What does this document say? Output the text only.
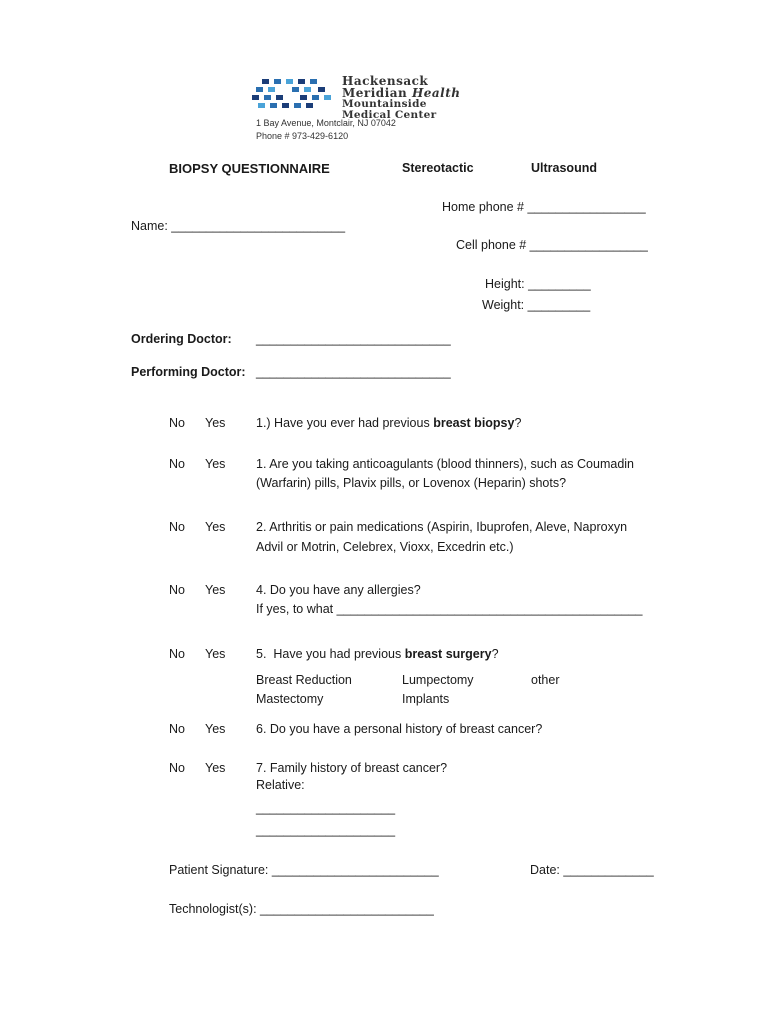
Hackensack
Meridian Health
Mountainside
Medical Center
1 Bay Avenue, Montclair, NJ 07042
Phone # 973-429-6120
BIOPSY QUESTIONNAIRE	Stereotactic	Ultrasound
Home phone # _________________
Name: _________________________
Cell phone # _________________
Height: _________
Weight: _________
Ordering Doctor: ____________________________
Performing Doctor: ____________________________
No Yes 1.) Have you ever had previous breast biopsy?
No Yes 1. Are you taking anticoagulants (blood thinners), such as Coumadin
(Warfarin) pills, Plavix pills, or Lovenox (Heparin) shots?
No Yes 2. Arthritis or pain medications (Aspirin, Ibuprofen, Aleve, Naproxyn
Advil or Motrin, Celebrex, Vioxx, Excedrin etc.)
No Yes 4. Do you have any allergies?
If yes, to what ____________________________________________
No Yes 5.  Have you had previous breast surgery?
Breast Reduction	Lumpectomy	other
Mastectomy	Implants
No Yes 6. Do you have a personal history of breast cancer?
No Yes 7. Family history of breast cancer?
Relative:
____________________
____________________
Patient Signature: ________________________	Date: _____________
Technologist(s): _________________________
